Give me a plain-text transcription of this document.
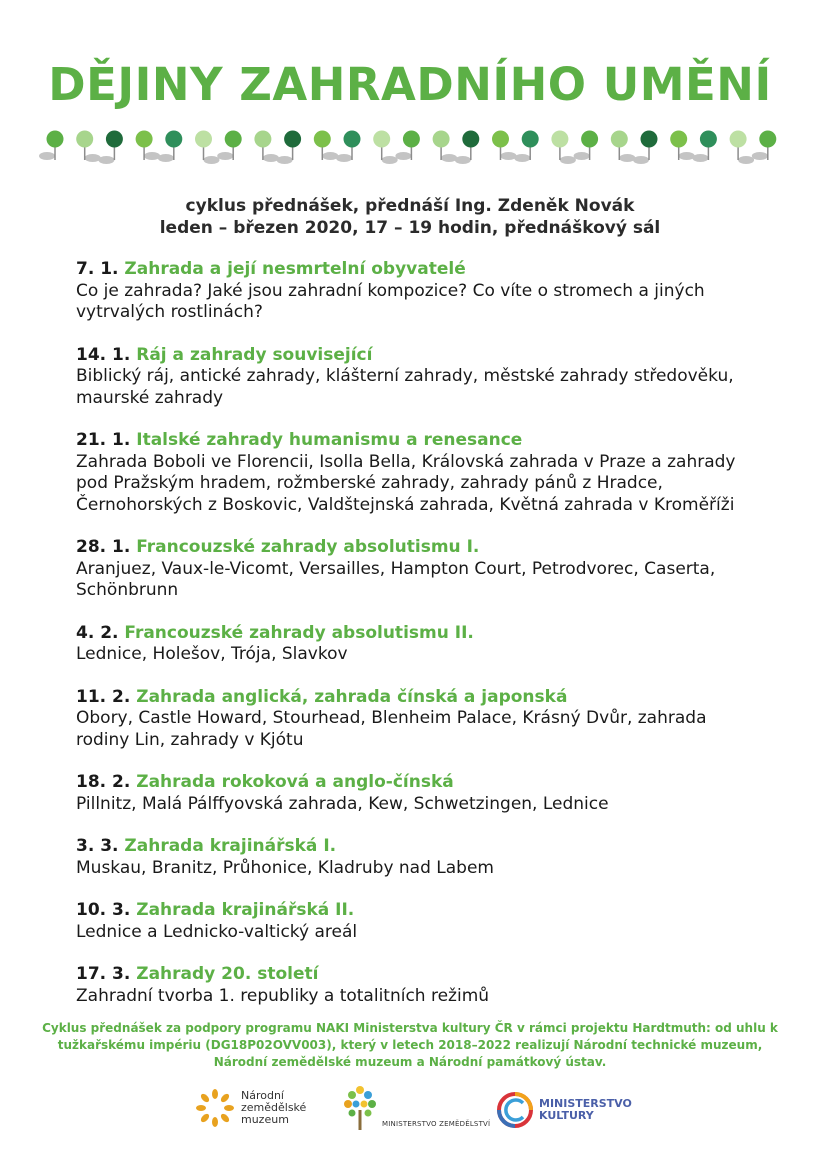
DĚJINY ZAHRADNÍHO UMĚNÍ
cyklus přednášek, přednáší Ing. Zdeněk Novák
leden – březen 2020, 17 – 19 hodin, přednáškový sál
7. 1. Zahrada a její nesmrtelní obyvatelé
Co je zahrada? Jaké jsou zahradní kompozice? Co víte o stromech a jiných vytrvalých rostlinách?
14. 1. Ráj a zahrady související
Biblický ráj, antické zahrady, klášterní zahrady, městské zahrady středověku, maurské zahrady
21. 1. Italské zahrady humanismu a renesance
Zahrada Boboli ve Florencii, Isolla Bella, Královská zahrada v Praze a zahrady pod Pražským hradem, rožmberské zahrady, zahrady pánů z Hradce, Černohorských z Boskovic, Valdštejnská zahrada, Květná zahrada v Kroměříži
28. 1. Francouzské zahrady absolutismu I.
Aranjuez, Vaux-le-Vicomt, Versailles, Hampton Court, Petrodvorec, Caserta, Schönbrunn
4. 2. Francouzské zahrady absolutismu II.
Lednice, Holešov, Trója, Slavkov
11. 2. Zahrada anglická, zahrada čínská a japonská
Obory, Castle Howard, Stourhead, Blenheim Palace, Krásný Dvůr, zahrada rodiny Lin, zahrady v Kjótu
18. 2. Zahrada rokoková a anglo-čínská
Pillnitz, Malá Pálffyovská zahrada, Kew, Schwetzingen, Lednice
3. 3. Zahrada krajinářská I.
Muskau, Branitz, Průhonice, Kladruby nad Labem
10. 3. Zahrada krajinářská II.
Lednice a Lednicko-valtický areál
17. 3. Zahrady 20. století
Zahradní tvorba 1. republiky a totalitních režimů
Cyklus přednášek za podpory programu NAKI Ministerstva kultury ČR v rámci projektu Hardtmuth: od uhlu k tužkařskému impériu (DG18P02OVV003), který v letech 2018–2022 realizují Národní technické muzeum, Národní zemědělské muzeum a Národní památkový ústav.
Národní
zemědělské
muzeum	MINISTERSTVO ZEMĚDĚLSTVÍ
MINISTERSTVO
KULTURY
